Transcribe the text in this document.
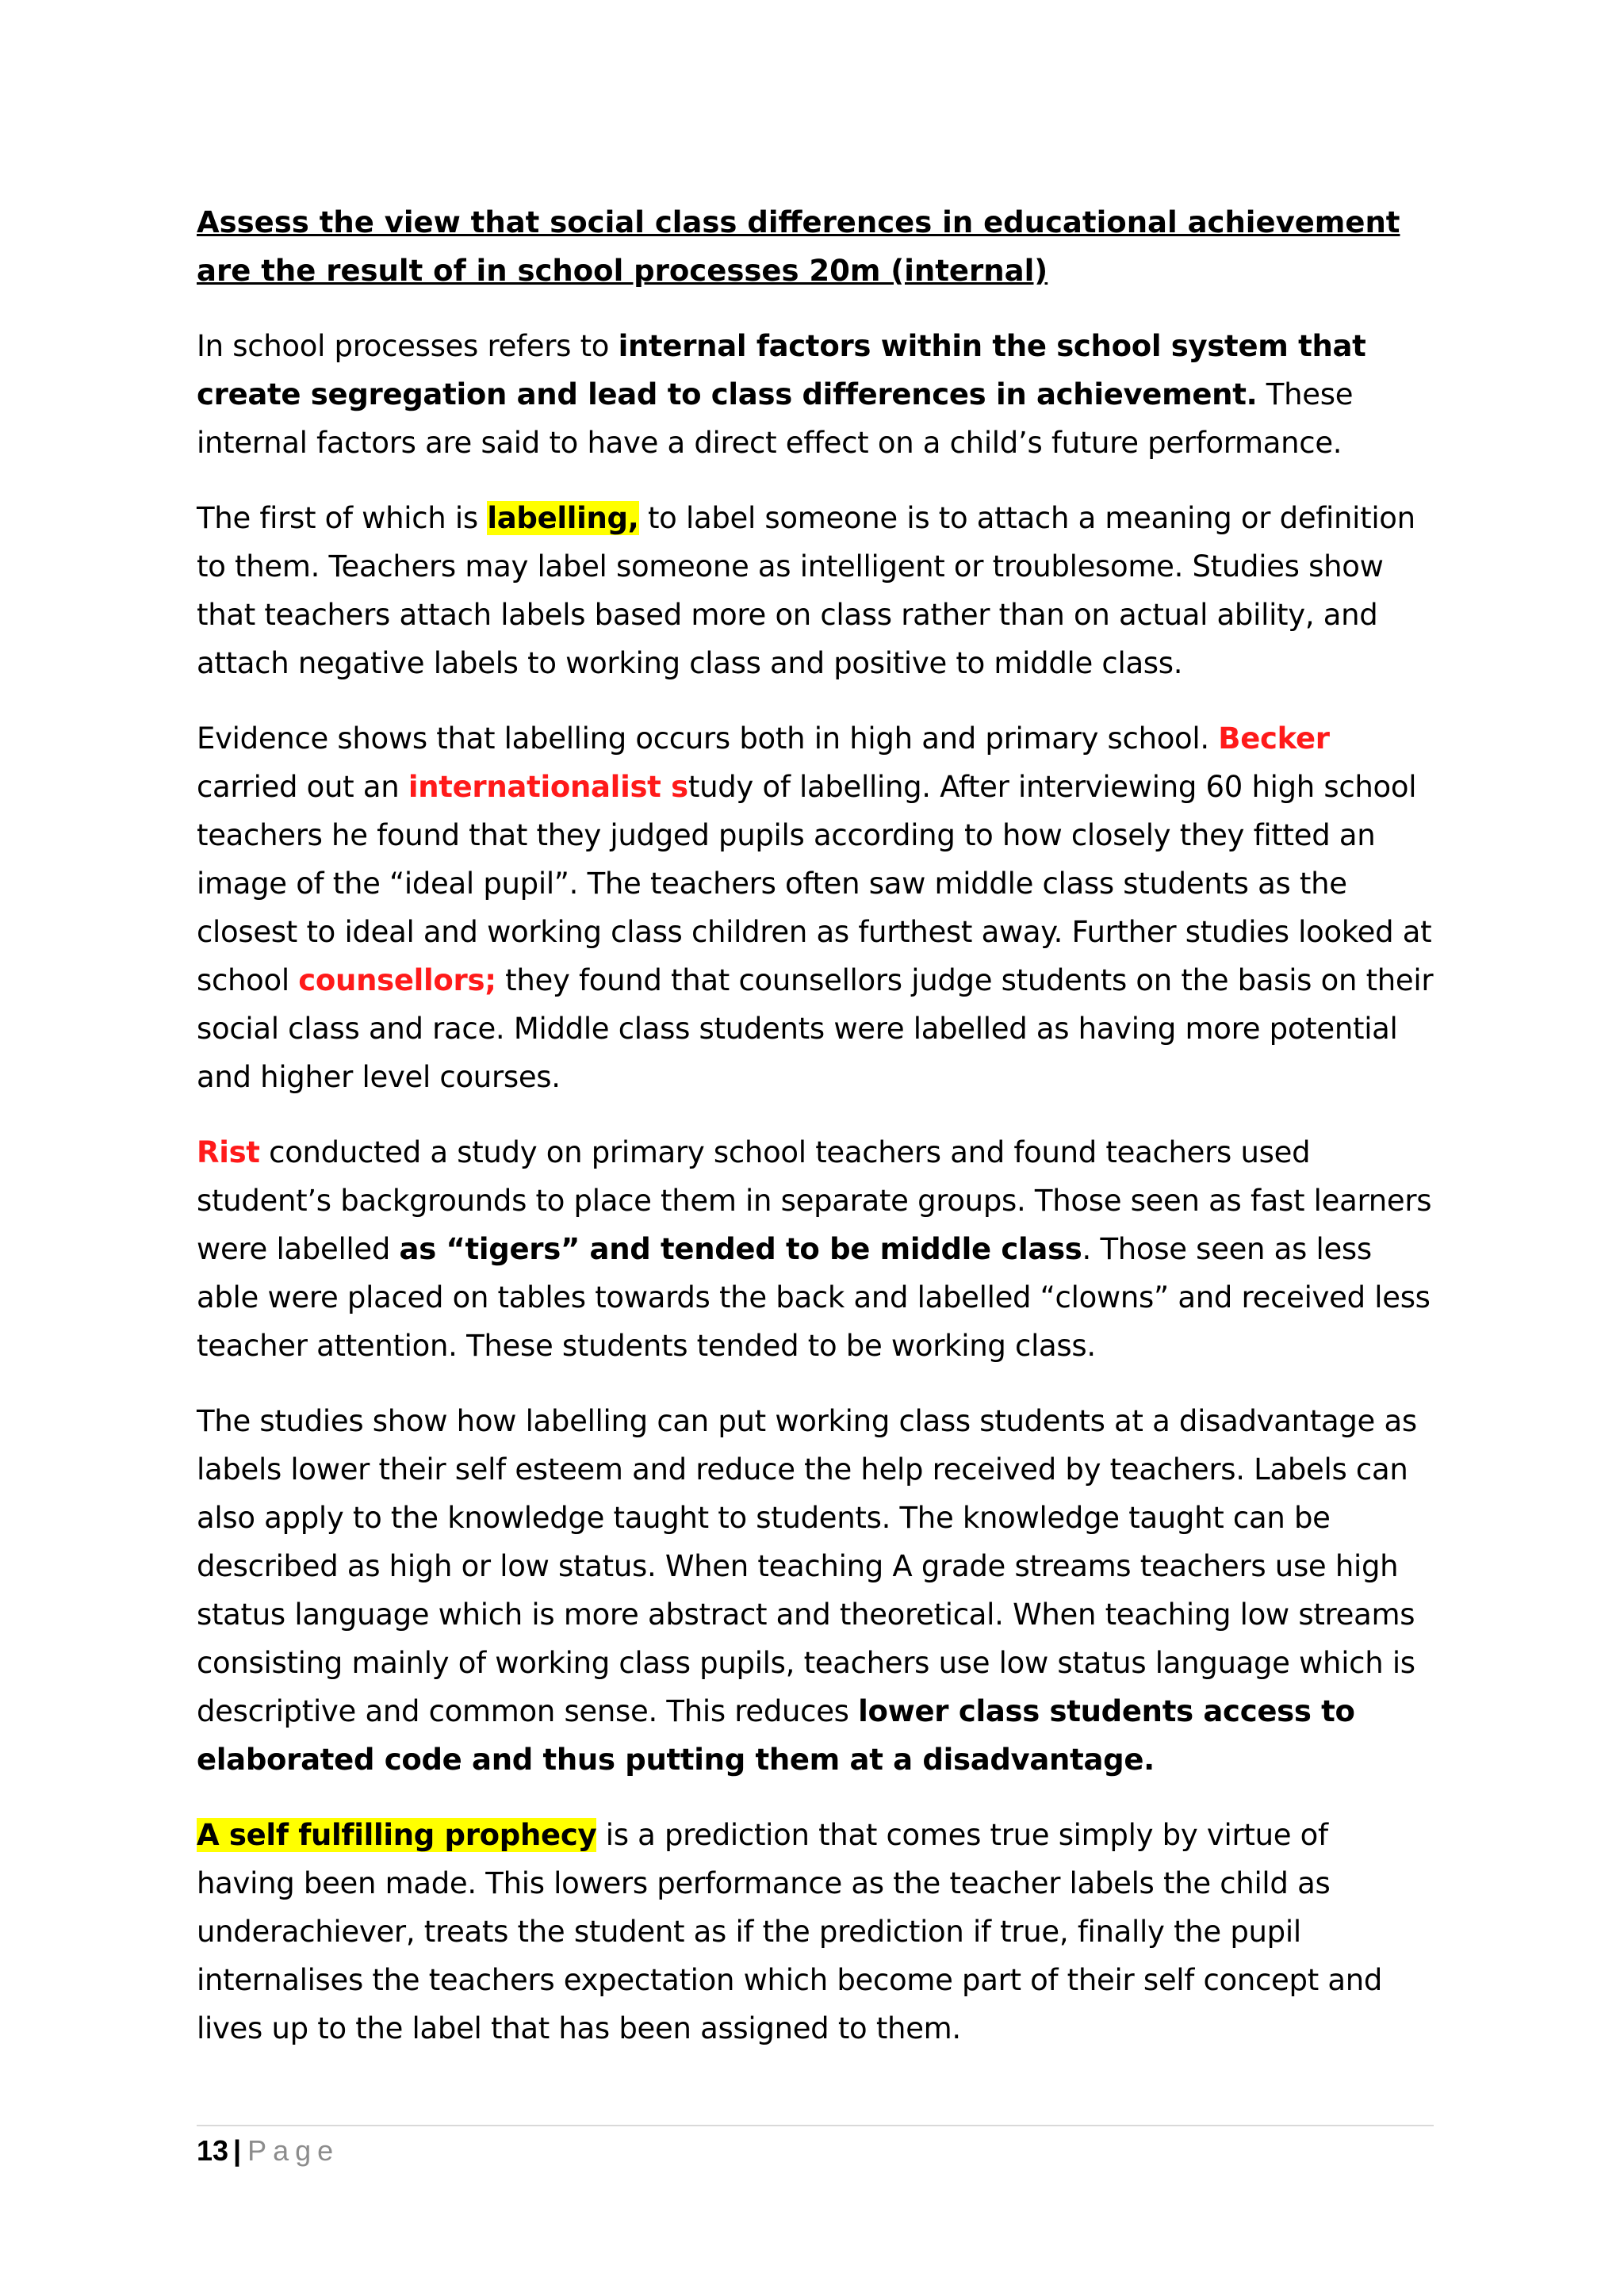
Assess the view that social class differences in educational achievement are the result of in school processes 20m (internal)

In school processes refers to internal factors within the school system that create segregation and lead to class differences in achievement. These internal factors are said to have a direct effect on a child’s future performance.

The first of which is labelling, to label someone is to attach a meaning or definition to them. Teachers may label someone as intelligent or troublesome. Studies show that teachers attach labels based more on class rather than on actual ability, and attach negative labels to working class and positive to middle class.

Evidence shows that labelling occurs both in high and primary school. Becker carried out an internationalist study of labelling. After interviewing 60 high school teachers he found that they judged pupils according to how closely they fitted an image of the “ideal pupil”. The teachers often saw middle class students as the closest to ideal and working class children as furthest away. Further studies looked at school counsellors; they found that counsellors judge students on the basis on their social class and race. Middle class students were labelled as having more potential and higher level courses.

Rist conducted a study on primary school teachers and found teachers used student’s backgrounds to place them in separate groups. Those seen as fast learners were labelled as “tigers” and tended to be middle class. Those seen as less able were placed on tables towards the back and labelled “clowns” and received less teacher attention. These students tended to be working class.

The studies show how labelling can put working class students at a disadvantage as labels lower their self esteem and reduce the help received by teachers. Labels can also apply to the knowledge taught to students. The knowledge taught can be described as high or low status. When teaching A grade streams teachers use high status language which is more abstract and theoretical. When teaching low streams consisting mainly of working class pupils, teachers use low status language which is descriptive and common sense. This reduces lower class students access to elaborated code and thus putting them at a disadvantage.

A self fulfilling prophecy is a prediction that comes true simply by virtue of having been made. This lowers performance as the teacher labels the child as underachiever, treats the student as if the prediction if true, finally the pupil internalises the teachers expectation which become part of their self concept and lives up to the label that has been assigned to them.

13 | Page
